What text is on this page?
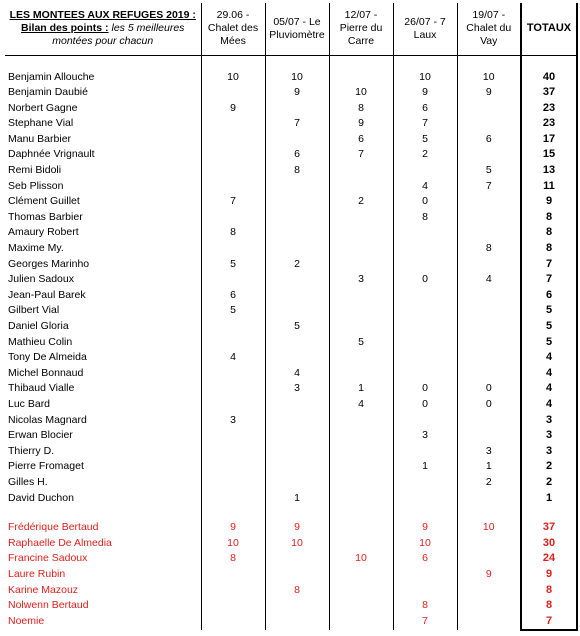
LES MONTEES AUX REFUGES 2019 :
Bilan des points : les 5 meilleures
montées pour chacun	29.06 - Chalet des Mées	05/07 - Le Pluviomètre	12/07 - Pierre du Carre	26/07 - 7 Laux	19/07 - Chalet du Vay	TOTAUX

Benjamin Allouche	10	10		10	10	40
Benjamin Daubié		9	10	9	9	37
Norbert Gagne	9		8	6		23
Stephane Vial		7	9	7		23
Manu Barbier			6	5	6	17
Daphnée Vrignault		6	7	2		15
Remi Bidoli		8			5	13
Seb Plisson				4	7	11
Clément Guillet	7		2	0		9
Thomas Barbier				8		8
Amaury Robert	8					8
Maxime My.					8	8
Georges Marinho	5	2				7
Julien Sadoux			3	0	4	7
Jean-Paul Barek	6					6
Gilbert Vial	5					5
Daniel Gloria		5				5
Mathieu Colin			5			5
Tony De Almeida	4					4
Michel Bonnaud		4				4
Thibaud Vialle		3	1	0	0	4
Luc Bard			4	0	0	4
Nicolas Magnard	3					3
Erwan Blocier				3		3
Thierry D.					3	3
Pierre Fromaget				1	1	2
Gilles H.					2	2
David Duchon		1				1

Frédérique Bertaud	9	9		9	10	37
Raphaelle De Almedia	10	10		10		30
Francine Sadoux	8		10	6		24
Laure Rubin					9	9
Karine Mazouz		8				8
Nolwenn Bertaud				8		8
Noemie				7		7
